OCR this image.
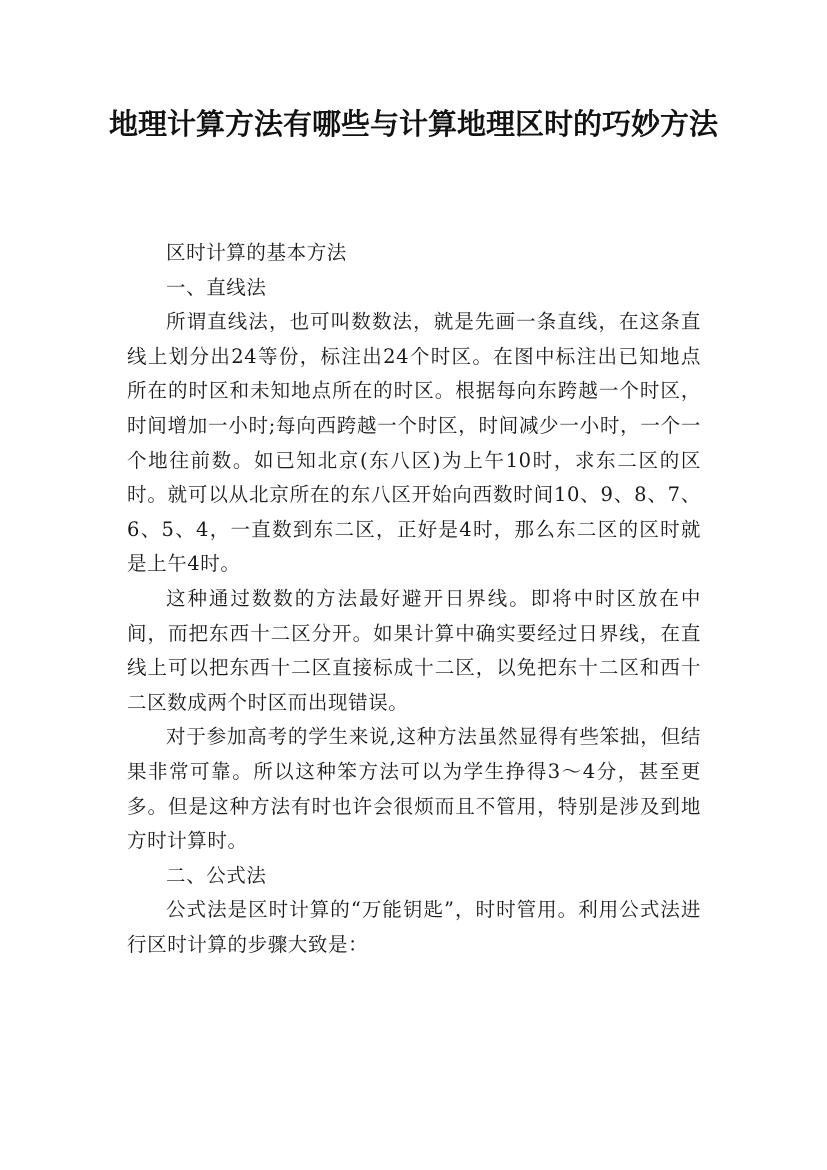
地理计算方法有哪些与计算地理区时的巧妙方法

区时计算的基本方法

一、直线法

所谓直线法，也可叫数数法，就是先画一条直线，在这条直线上划分出24等份，标注出24个时区。在图中标注出已知地点所在的时区和未知地点所在的时区。根据每向东跨越一个时区，时间增加一小时;每向西跨越一个时区，时间减少一小时，一个一个地往前数。如已知北京(东八区)为上午10时，求东二区的区时。就可以从北京所在的东八区开始向西数时间10、9、8、7、6、5、4，一直数到东二区，正好是4时，那么东二区的区时就是上午4时。

这种通过数数的方法最好避开日界线。即将中时区放在中间，而把东西十二区分开。如果计算中确实要经过日界线，在直线上可以把东西十二区直接标成十二区，以免把东十二区和西十二区数成两个时区而出现错误。

对于参加高考的学生来说,这种方法虽然显得有些笨拙，但结果非常可靠。所以这种笨方法可以为学生挣得3～4分，甚至更多。但是这种方法有时也许会很烦而且不管用，特别是涉及到地方时计算时。

二、公式法

公式法是区时计算的“万能钥匙”，时时管用。利用公式法进行区时计算的步骤大致是：
